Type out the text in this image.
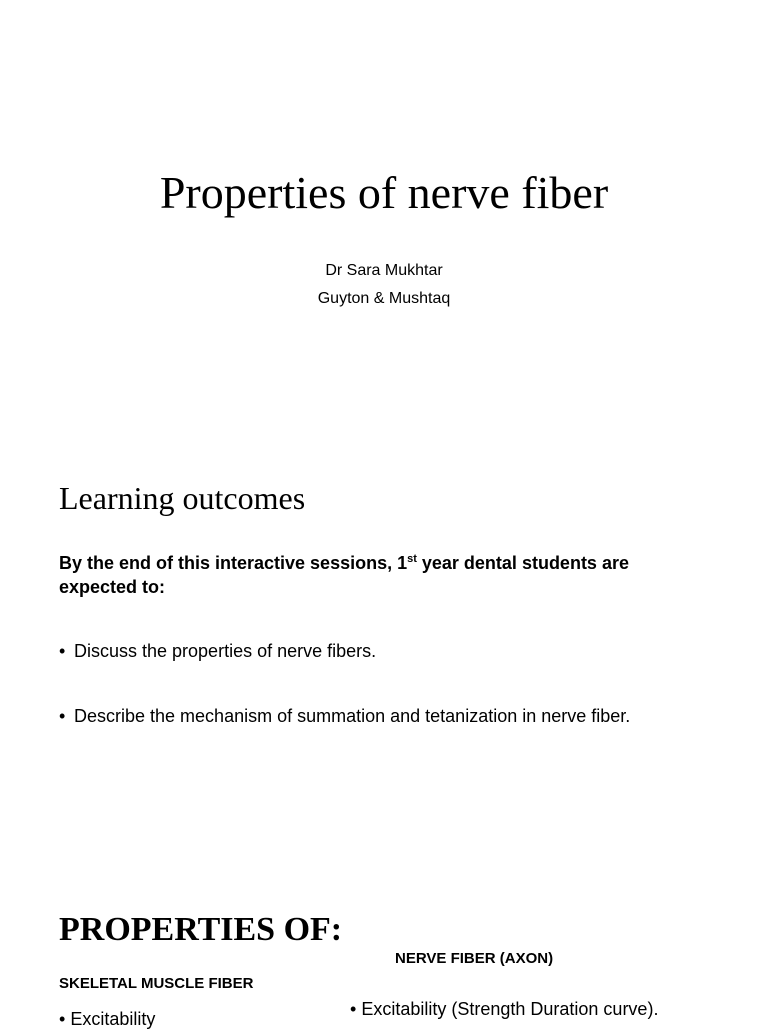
Properties of nerve fiber
Dr Sara Mukhtar
Guyton & Mushtaq
Learning outcomes
By the end of this interactive sessions, 1st year dental students are expected to:
• Discuss the properties of nerve fibers.
• Describe the mechanism of summation and tetanization in nerve fiber.
PROPERTIES OF:
SKELETAL MUSCLE FIBER
NERVE FIBER (AXON)
• Excitability	• Excitability (Strength Duration curve).
